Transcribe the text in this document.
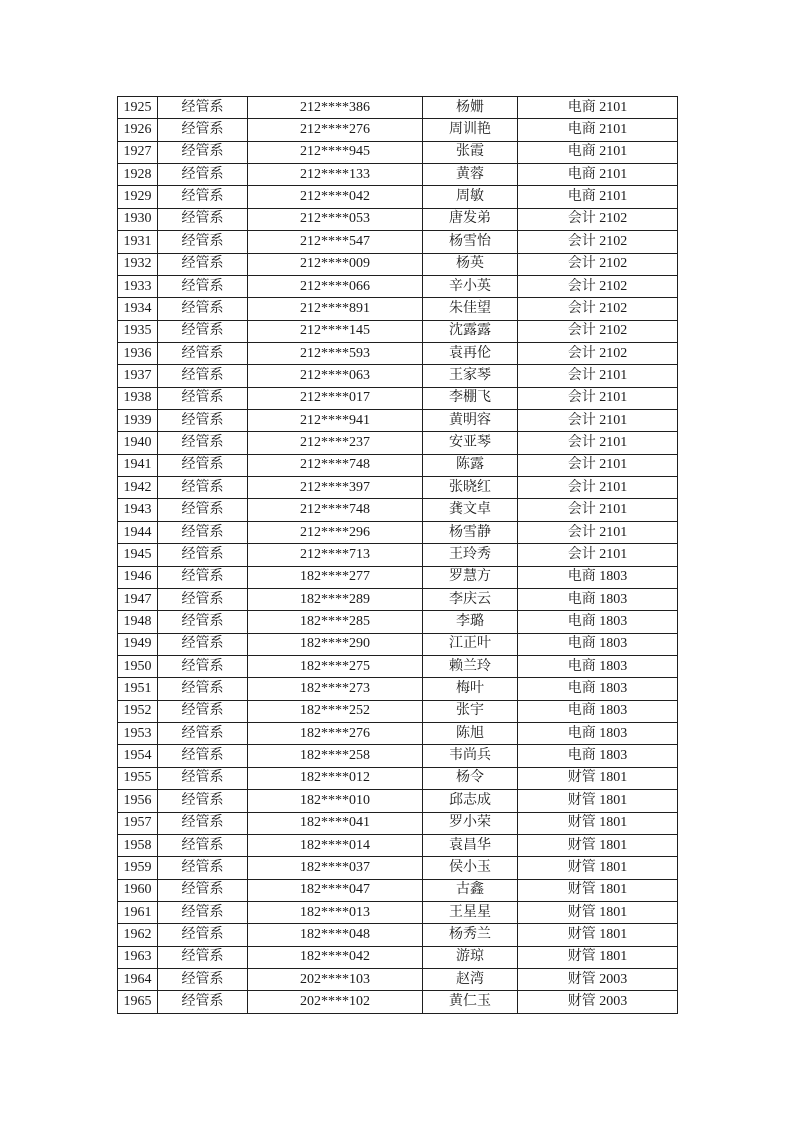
1925	经管系	212****386	杨姗	电商 2101
1926	经管系	212****276	周训艳	电商 2101
1927	经管系	212****945	张霞	电商 2101
1928	经管系	212****133	黄蓉	电商 2101
1929	经管系	212****042	周敏	电商 2101
1930	经管系	212****053	唐发弟	会计 2102
1931	经管系	212****547	杨雪怡	会计 2102
1932	经管系	212****009	杨英	会计 2102
1933	经管系	212****066	辛小英	会计 2102
1934	经管系	212****891	朱佳望	会计 2102
1935	经管系	212****145	沈露露	会计 2102
1936	经管系	212****593	袁再伦	会计 2102
1937	经管系	212****063	王家琴	会计 2101
1938	经管系	212****017	李棚飞	会计 2101
1939	经管系	212****941	黄明容	会计 2101
1940	经管系	212****237	安亚琴	会计 2101
1941	经管系	212****748	陈露	会计 2101
1942	经管系	212****397	张晓红	会计 2101
1943	经管系	212****748	龚文卓	会计 2101
1944	经管系	212****296	杨雪静	会计 2101
1945	经管系	212****713	王玲秀	会计 2101
1946	经管系	182****277	罗慧方	电商 1803
1947	经管系	182****289	李庆云	电商 1803
1948	经管系	182****285	李璐	电商 1803
1949	经管系	182****290	江正叶	电商 1803
1950	经管系	182****275	赖兰玲	电商 1803
1951	经管系	182****273	梅叶	电商 1803
1952	经管系	182****252	张宇	电商 1803
1953	经管系	182****276	陈旭	电商 1803
1954	经管系	182****258	韦尚兵	电商 1803
1955	经管系	182****012	杨令	财管 1801
1956	经管系	182****010	邱志成	财管 1801
1957	经管系	182****041	罗小荣	财管 1801
1958	经管系	182****014	袁昌华	财管 1801
1959	经管系	182****037	侯小玉	财管 1801
1960	经管系	182****047	古鑫	财管 1801
1961	经管系	182****013	王星星	财管 1801
1962	经管系	182****048	杨秀兰	财管 1801
1963	经管系	182****042	游琼	财管 1801
1964	经管系	202****103	赵湾	财管 2003
1965	经管系	202****102	黄仁玉	财管 2003
